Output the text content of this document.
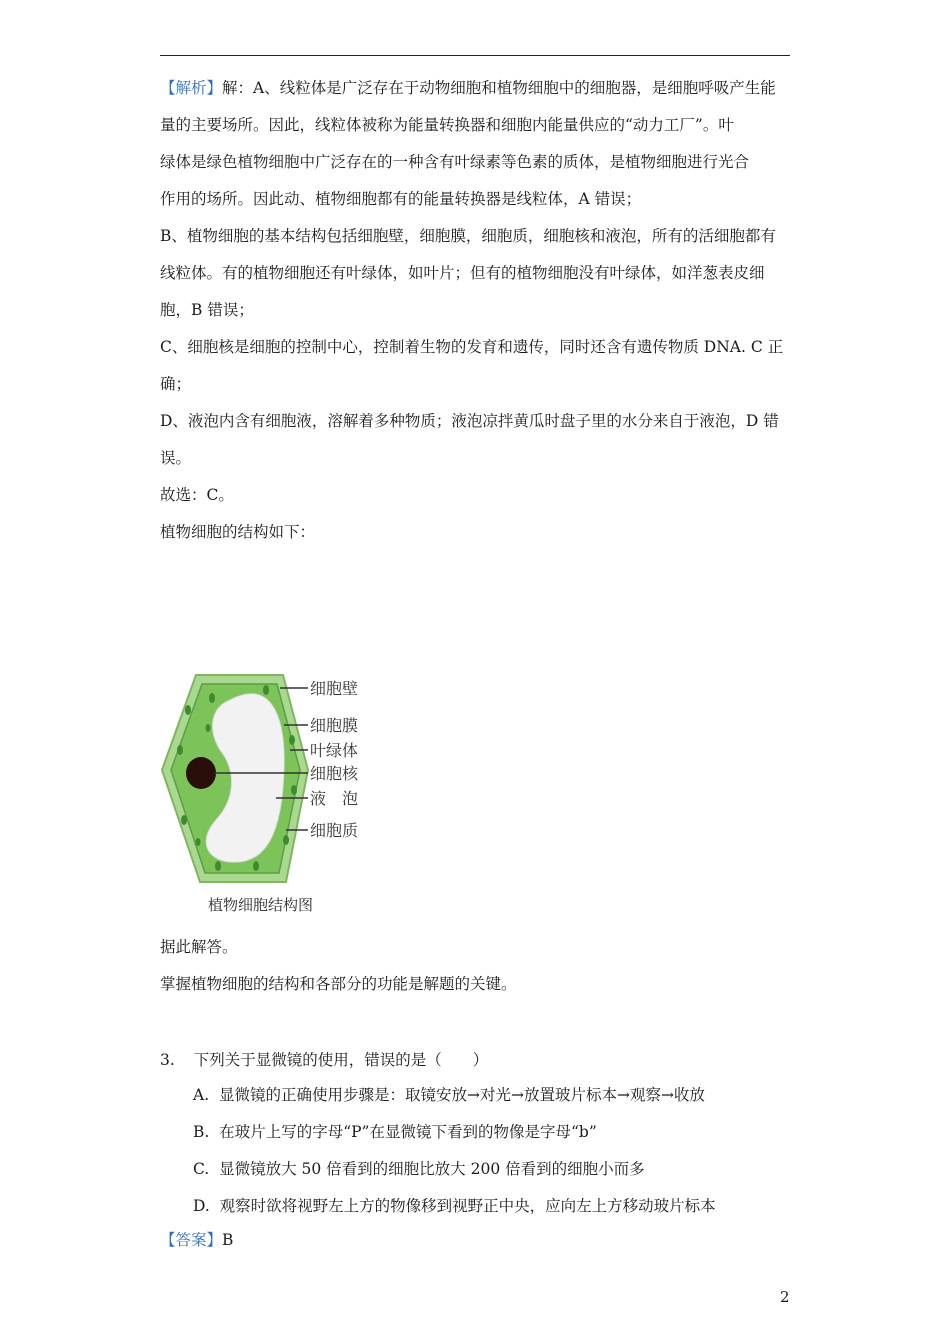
【解析】解：A、线粒体是广泛存在于动物细胞和植物细胞中的细胞器，是细胞呼吸产生能
量的主要场所。因此，线粒体被称为能量转换器和细胞内能量供应的“动力工厂”。叶
绿体是绿色植物细胞中广泛存在的一种含有叶绿素等色素的质体，是植物细胞进行光合
作用的场所。因此动、植物细胞都有的能量转换器是线粒体，A 错误；
B、植物细胞的基本结构包括细胞壁，细胞膜，细胞质，细胞核和液泡，所有的活细胞都有
线粒体。有的植物细胞还有叶绿体，如叶片；但有的植物细胞没有叶绿体，如洋葱表皮细
胞，B 错误；
C、细胞核是细胞的控制中心，控制着生物的发育和遗传，同时还含有遗传物质 DNA. C 正
确；
D、液泡内含有细胞液，溶解着多种物质；液泡凉拌黄瓜时盘子里的水分来自于液泡，D 错
误。
故选：C。
植物细胞的结构如下：
细胞壁
细胞膜
叶绿体
细胞核
液　泡
细胞质
植物细胞结构图
据此解答。
掌握植物细胞的结构和各部分的功能是解题的关键。
3. 下列关于显微镜的使用，错误的是（　　）
A. 显微镜的正确使用步骤是：取镜安放→对光→放置玻片标本→观察→收放
B. 在玻片上写的字母“P”在显微镜下看到的物像是字母“b”
C. 显微镜放大 50 倍看到的细胞比放大 200 倍看到的细胞小而多
D. 观察时欲将视野左上方的物像移到视野正中央，应向左上方移动玻片标本
【答案】B
2
